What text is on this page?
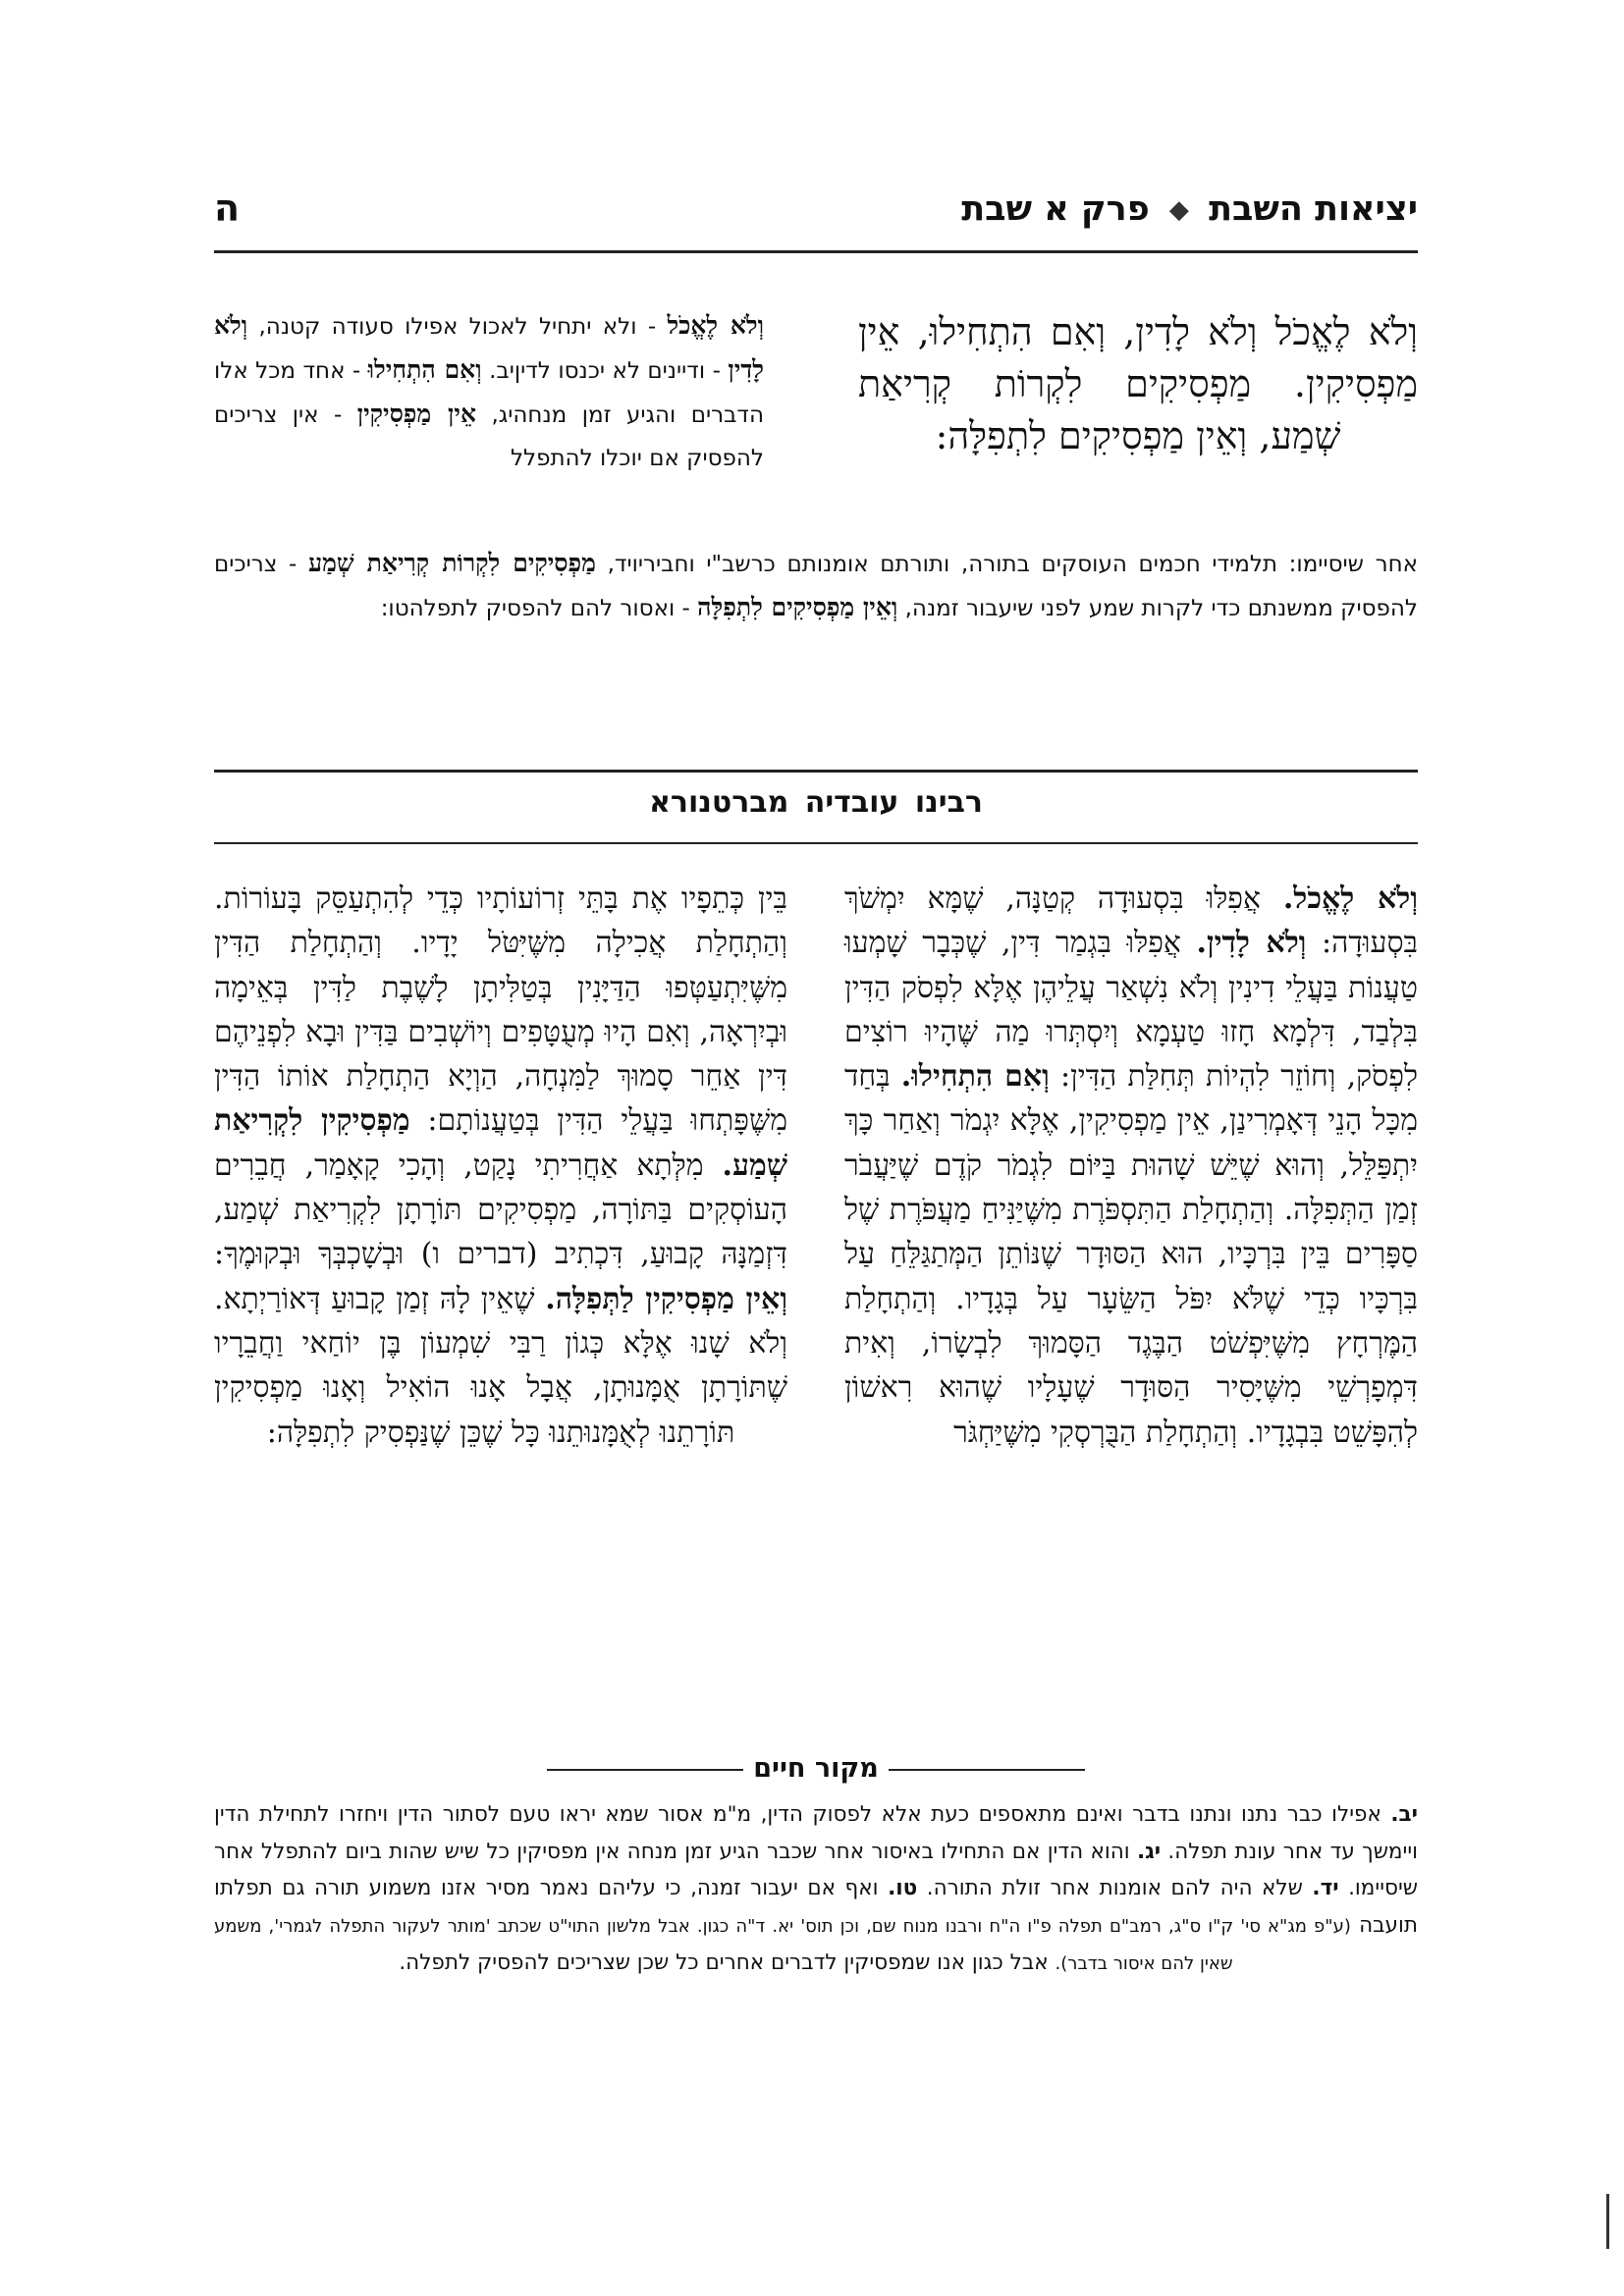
יציאות השבת ◆ פרק א שבת
ה
וְלֹא לֶאֱכֹל וְלֹא לָדִין, וְאִם הִתְחִילוּ, אֵין מַפְסִיקִין. מַפְסִיקִים לִקְרוֹת קְרִיאַת שְׁמַע, וְאֵין מַפְסִיקִים לִתְפִלָּה:
וְלֹא לֶאֱכֹל - ולא יתחיל לאכול אפילו סעודה קטנה, וְלֹא לָדִין - ודיינים לא יכנסו לדיןיב. וְאִם הִתְחִילוּ - אחד מכל אלו הדברים והגיע זמן מנחהיג, אֵין מַפְסִיקִין - אין צריכים להפסיק אם יוכלו להתפלל
אחר שיסיימו: תלמידי חכמים העוסקים בתורה, ותורתם אומנותם כרשב"י וחביריויד, מַפְסִיקִים לִקְרוֹת קְרִיאַת שְׁמַע - צריכים להפסיק ממשנתם כדי לקרות שמע לפני שיעבור זמנה, וְאֵין מַפְסִיקִים לִתְפִלָּה - ואסור להם להפסיק לתפלהטו:
רבינו עובדיה מברטנורא
וְלֹא לֶאֱכֹל. אֲפִלּוּ בִּסְעוּדָה קְטַנָּה, שֶׁמָּא יִמְשֹׁךְ בִּסְעוּדָה: וְלֹא לָדִין. אֲפִלּוּ בִּגְמַר דִּין, שֶׁכְּבָר שָׁמְעוּ טַעֲנוֹת בַּעֲלֵי דִינִין וְלֹא נִשְׁאַר עֲלֵיהֶן אֶלָּא לִפְסֹק הַדִּין בִּלְבַד, דִּלְמָא חָזוּ טַעְמָא וְיִסְתְּרוּ מַה שֶּׁהָיוּ רוֹצִים לִפְסֹק, וְחוֹזֵר לִהְיוֹת תְּחִלַּת הַדִּין: וְאִם הִתְחִילוּ. בְּחַד מִכָּל הָנֵי דְּאָמְרִינַן, אֵין מַפְסִיקִין, אֶלָּא יִגְמֹר וְאַחַר כָּךְ יִתְפַּלֵּל, וְהוּא שֶׁיֵּשׁ שָׁהוּת בַּיּוֹם לִגְמֹר קֹדֶם שֶׁיַּעֲבֹר זְמַן הַתְּפִלָּה. וְהַתְחָלַת הַתִּסְפֹּרֶת מִשֶּׁיַּנִּיחַ מַעֲפֹּרֶת שֶׁל סַפָּרִים בֵּין בִּרְכָּיו, הוּא הַסּוּדָר שֶׁנּוֹתֵן הַמְּתַגַּלֵּחַ עַל בִּרְכָּיו כְּדֵי שֶׁלֹּא יִפֹּל הַשֵּׂעָר עַל בְּגָדָיו. וְהַתְחָלַת הַמֶּרְחָץ מִשֶּׁיִּפְשֹׁט הַבֶּגֶד הַסָּמוּךְ לִבְשָׂרוֹ, וְאִית דִּמְפָרְשֵׁי מִשֶּׁיָּסִיר הַסּוּדָר שֶׁעָלָיו שֶׁהוּא רִאשׁוֹן לְהִפָּשֵׁט בִּבְגָדָיו. וְהַתְחָלַת הַבֻּרְסְקִי מִשֶּׁיַּחְגֹּר
בֵּין כְּתֵפָיו אֶת בָּתֵּי זְרוֹעוֹתָיו כְּדֵי לְהִתְעַסֵּק בָּעוֹרוֹת. וְהַתְחָלַת אֲכִילָה מִשֶּׁיִּטֹּל יָדָיו. וְהַתְחָלַת הַדִּין מִשֶּׁיִּתְעַטְּפוּ הַדַּיָּנִין בְּטַלִּיתָן לָשֶׁבֶת לַדִּין בְּאֵימָה וּבְיִרְאָה, וְאִם הָיוּ מְעֻטָּפִים וְיוֹשְׁבִים בַּדִּין וּבָא לִפְנֵיהֶם דִּין אַחֵר סָמוּךְ לַמִּנְחָה, הַוְיָא הַתְחָלַת אוֹתוֹ הַדִּין מִשֶּׁפָּתְחוּ בַּעֲלֵי הַדִּין בְּטַעֲנוֹתָם: מַפְסִיקִין לִקְרִיאַת שְׁמַע. מִלְּתָא אַחֲרִיתִי נָקַט, וְהָכִי קָאָמַר, חֲבֵרִים הָעוֹסְקִים בַּתּוֹרָה, מַפְסִיקִים תּוֹרָתָן לִקְרִיאַת שְׁמַע, דִּזְמַנָּהּ קָבוּעַ, דִּכְתִיב (דברים ו) וּבְשָׁכְבְּךָ וּבְקוּמֶךָ: וְאֵין מַפְסִיקִין לַתְּפִלָּה. שֶׁאֵין לָהּ זְמַן קָבוּעַ דְּאוֹרַיְתָא. וְלֹא שָׁנוּ אֶלָּא כְּגוֹן רַבִּי שִׁמְעוֹן בֶּן יוֹחַאי וַחֲבֵרָיו שֶׁתּוֹרָתָן אֻמָּנוּתָן, אֲבָל אָנוּ הוֹאִיל וְאָנוּ מַפְסִיקִין תּוֹרָתֵנוּ לְאֻמָּנוּתֵנוּ כָּל שֶׁכֵּן שֶׁנַּפְסִיק לִתְפִלָּה:
מקור חיים
יב. אפילו כבר נתנו ונתנו בדבר ואינם מתאספים כעת אלא לפסוק הדין, מ"מ אסור שמא יראו טעם לסתור הדין ויחזרו לתחילת הדין ויימשך עד אחר עונת תפלה. יג. והוא הדין אם התחילו באיסור אחר שכבר הגיע זמן מנחה אין מפסיקין כל שיש שהות ביום להתפלל אחר שיסיימו. יד. שלא היה להם אומנות אחר זולת התורה. טו. ואף אם יעבור זמנה, כי עליהם נאמר מסיר אזנו משמוע תורה גם תפלתו תועבה (ע"פ מג"א סי' ק"ו ס"ג, רמב"ם תפלה פ"ו ה"ח ורבנו מנוח שם, וכן תוס' יא. ד"ה כגון. אבל מלשון התוי"ט שכתב 'מותר לעקור התפלה לגמרי', משמע שאין להם איסור בדבר). אבל כגון אנו שמפסיקין לדברים אחרים כל שכן שצריכים להפסיק לתפלה.
